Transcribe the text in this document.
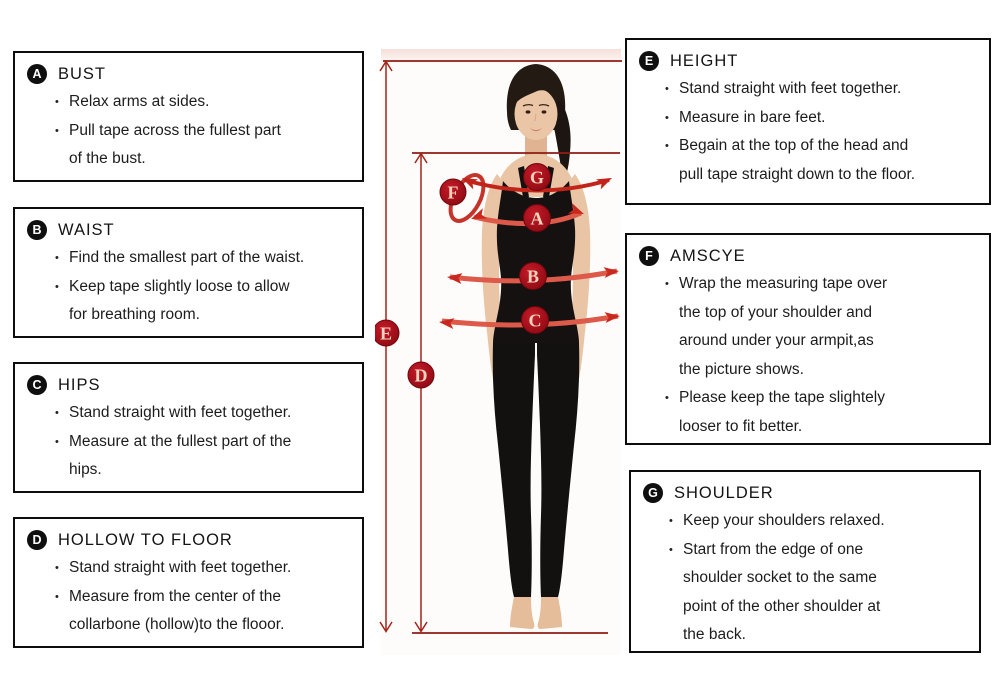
A BUST
• Relax arms at sides.
• Pull tape across the fullest part
of the bust.
B WAIST
• Find the smallest part of the waist.
• Keep tape slightly loose to allow
for breathing room.
C HIPS
• Stand straight with feet together.
• Measure at the fullest part of the
hips.
D HOLLOW TO FLOOR
• Stand straight with feet together.
• Measure from the center of the
collarbone (hollow)to the flooor.
E	HEIGHT
• Stand straight with feet together.
• Measure in bare feet.
• Begain at the top of the head and
pull tape straight down to the floor.
F	AMSCYE
• Wrap the measuring tape over
the top of your shoulder and
around under your armpit,as
the picture shows.
• Please keep the tape slightely
looser to fit better.
G SHOULDER
• Keep your shoulders relaxed.
• Start from the edge of one
shoulder socket to the same
point of the other shoulder at
the back.
E
D
F
G
A
B
C
